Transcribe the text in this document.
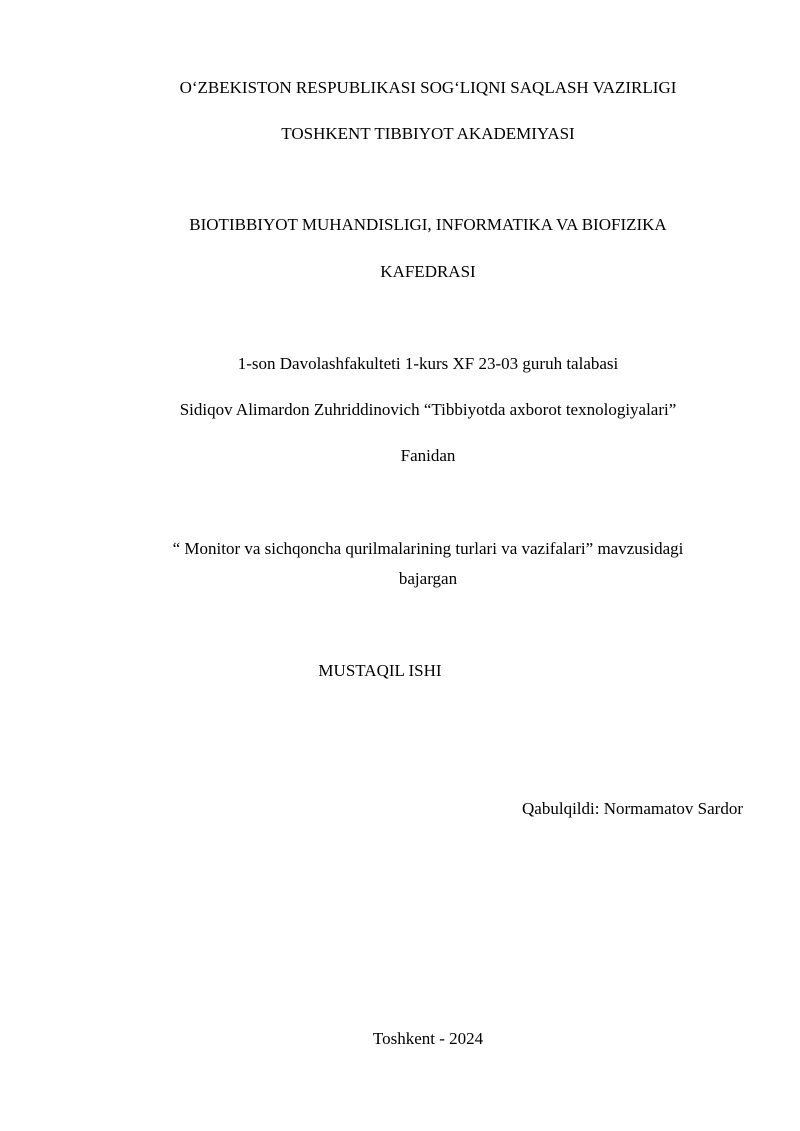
O‘ZBEKISTON RESPUBLIKASI SOG‘LIQNI SAQLASH VAZIRLIGI
TOSHKENT TIBBIYOT AKADEMIYASI
BIOTIBBIYOT MUHANDISLIGI, INFORMATIKA VA BIOFIZIKA
KAFEDRASI
1-son Davolashfakulteti 1-kurs XF 23-03 guruh talabasi
Sidiqov Alimardon Zuhriddinovich “Tibbiyotda axborot texnologiyalari”
Fanidan
“ Monitor va sichqoncha qurilmalarining turlari va vazifalari” mavzusidagi
bajargan
MUSTAQIL ISHI
Qabulqildi: Normamatov Sardor
Toshkent - 2024
